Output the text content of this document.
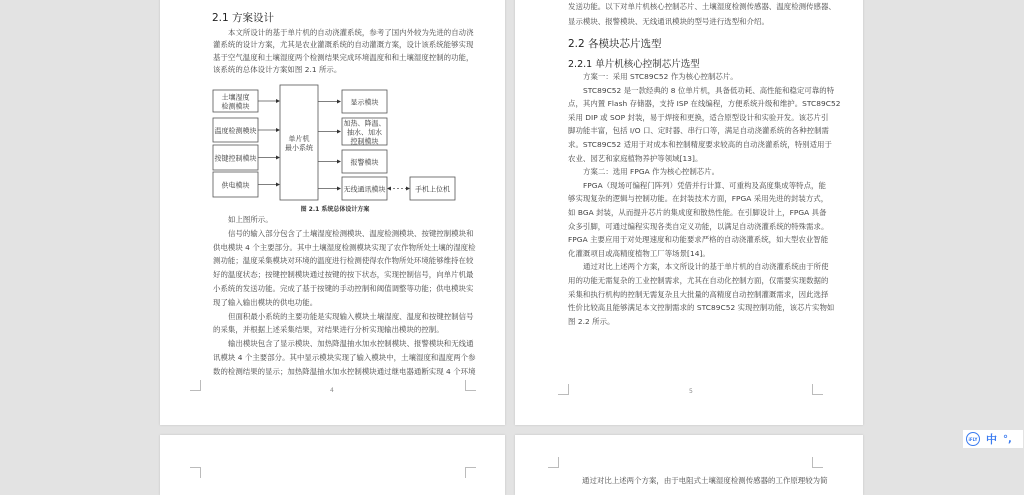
2.1 方案设计
本文所设计的基于单片机的自动浇灌系统，参考了国内外较为先进的自动浇
灌系统的设计方案，尤其是农业灌溉系统的自动灌溉方案，设计该系统能够实现
基于空气温度和土壤湿度两个检测结果完成环境温度和和土壤湿度控制的功能，
该系统的总体设计方案如图 2.1 所示。
土壤湿度
检测模块
温度检测模块
按键控制模块
供电模块
单片机
最小系统
显示模块
加热、降温、
抽水、加水
控制模块
报警模块
无线通讯模块	手机上位机
图 2.1 系统总体设计方案
如上图所示。
信号的输入部分包含了土壤湿度检测模块、温度检测模块、按键控制模块和
供电模块 4 个主要部分。其中土壤湿度检测模块实现了农作物所处土壤的湿度检
测功能；温度采集模块对环境的温度进行检测使得农作物所处环境能够维持在较
好的温度状态；按键控制模块通过按键的按下状态，实现控制信号，向单片机最
小系统的发送功能。完成了基于按键的手动控制和阈值调整等功能；供电模块实
现了输入输出模块的供电功能。
但面积最小系统的主要功能是实现输入模块土壤湿度、温度和按键控制信号
的采集，并根据上述采集结果，对结果进行分析实现输出模块的控制。
输出模块包含了显示模块、加热降温抽水加水控制模块、报警模块和无线通
讯模块 4 个主要部分。其中显示模块实现了输入模块中，土壤湿度和温度两个参
数的检测结果的显示；加热降温抽水加水控制模块通过继电器通断实现 4 个环境
4
发送功能。以下对单片机核心控制芯片、土壤湿度检测传感器、温度检测传感器、
显示模块、报警模块、无线通讯模块的型号进行选型和介绍。
2.2 各模块芯片选型
2.2.1 单片机核心控制芯片选型
方案一：采用 STC89C52 作为核心控制芯片。
STC89C52 是一款经典的 8 位单片机，具备低功耗、高性能和稳定可靠的特
点，其内置 Flash 存储器，支持 ISP 在线编程，方便系统升级和维护。STC89C52
采用 DIP 或 SOP 封装，易于焊接和更换，适合原型设计和实验开发。该芯片引
脚功能丰富，包括 I/O 口、定时器、串行口等，满足自动浇灌系统的各种控制需
求。STC89C52 适用于对成本和控制精度要求较高的自动浇灌系统，特别适用于
农业、园艺和家庭植物养护等领域[13]。
方案二：选用 FPGA 作为核心控制芯片。
FPGA（现场可编程门阵列）凭借并行计算、可重构及高度集成等特点，能
够实现复杂的逻辑与控制功能。在封装技术方面，FPGA 采用先进的封装方式，
如 BGA 封装，从而提升芯片的集成度和散热性能。在引脚设计上，FPGA 具备
众多引脚，可通过编程实现各类自定义功能，以满足自动浇灌系统的特殊需求。
FPGA 主要应用于对处理速度和功能要求严格的自动浇灌系统，如大型农业智能
化灌溉项目或高精度植物工厂等场景[14]。
通过对比上述两个方案，本文所设计的基于单片机的自动浇灌系统由于所使
用的功能无需复杂的工业控制需求，尤其在自动化控制方面，仅需要实现数据的
采集和执行机构的控制无需复杂且大批量的高精度自动控制灌溉需求，因此选择
性价比较高且能够满足本文控制需求的 STC89C52 实现控制功能，该芯片实物如
图 2.2 所示。
5
通过对比上述两个方案，由于电阻式土壤湿度检测传感器的工作原理较为简
iFLY 中 °,
